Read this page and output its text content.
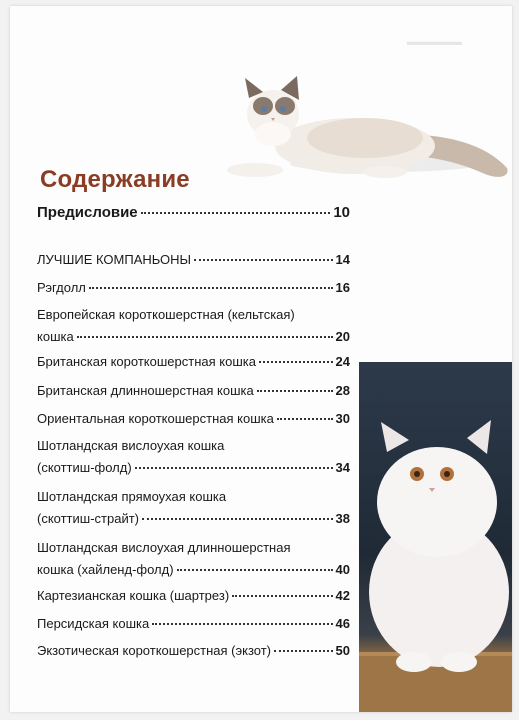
▬▬▬▬▬
Содержание
Предисловие	10
ЛУЧШИЕ КОМПАНЬОНЫ	14
Рэгдолл	16
Европейская короткошерстная (кельтская)
кошка	20
Британская короткошерстная кошка	24
Британская длинношерстная кошка	28
Ориентальная короткошерстная кошка	30
Шотландская вислоухая кошка
(скоттиш-фолд)	34
Шотландская прямоухая кошка
(скоттиш-страйт)	38
Шотландская вислоухая длинношерстная
кошка (хайленд-фолд)	40
Картезианская кошка (шартрез)	42
Персидская кошка	46
Экзотическая короткошерстная (экзот)	50
